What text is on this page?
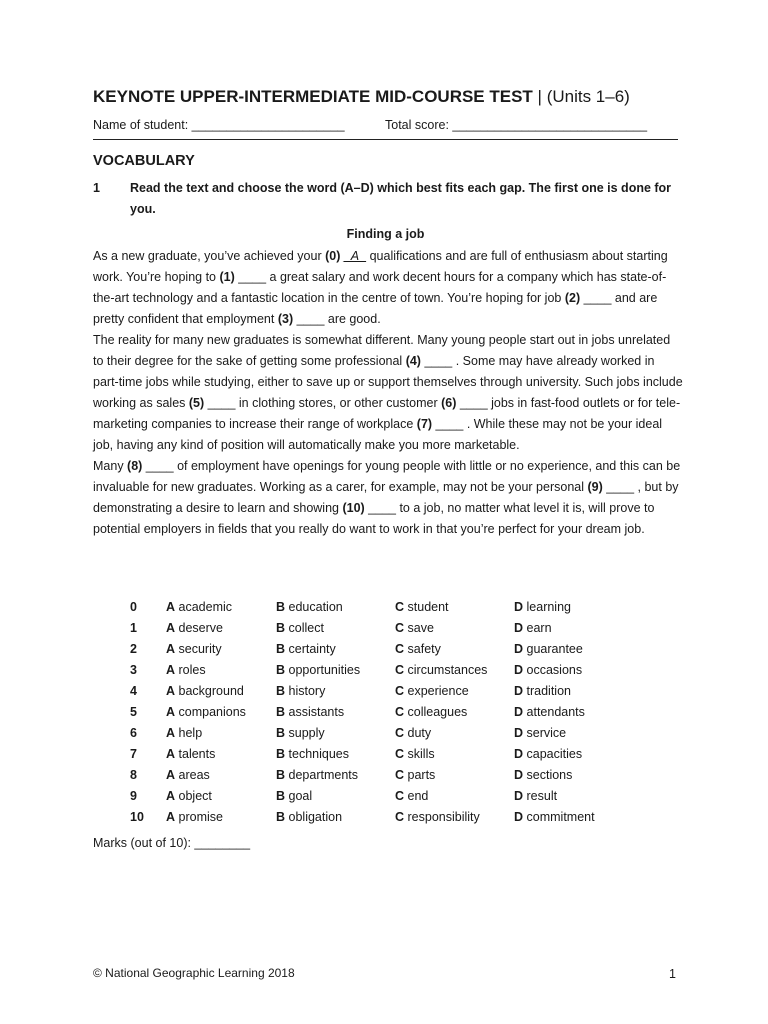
KEYNOTE UPPER-INTERMEDIATE MID-COURSE TEST | (Units 1–6)
Name of student: ______________________	Total score: ____________________________
VOCABULARY
1 Read the text and choose the word (A–D) which best fits each gap. The first one is done for you.
Finding a job

As a new graduate, you’ve achieved your (0) _A_ qualifications and are full of enthusiasm about starting work. You’re hoping to (1) ____ a great salary and work decent hours for a company which has state-of-the-art technology and a fantastic location in the centre of town. You’re hoping for job (2) ____ and are pretty confident that employment (3) ____ are good.

The reality for many new graduates is somewhat different. Many young people start out in jobs unrelated to their degree for the sake of getting some professional (4) ____ . Some may have already worked in part-time jobs while studying, either to save up or support themselves through university. Such jobs include working as sales (5) ____ in clothing stores, or other customer (6) ____ jobs in fast-food outlets or for tele-marketing companies to increase their range of workplace (7) ____ . While these may not be your ideal job, having any kind of position will automatically make you more marketable.

Many (8) ____ of employment have openings for young people with little or no experience, and this can be invaluable for new graduates. Working as a carer, for example, may not be your personal (9) ____ , but by demonstrating a desire to learn and showing (10) ____ to a job, no matter what level it is, will prove to potential employers in fields that you really do want to work in that you’re perfect for your dream job.

0	A academic	B education	C student	D learning
1	A deserve	B collect	C save	D earn
2	A security	B certainty	C safety	D guarantee
3	A roles	B opportunities	C circumstances	D occasions
4	A background	B history	C experience	D tradition
5	A companions	B assistants	C colleagues	D attendants
6	A help	B supply	C duty	D service
7	A talents	B techniques	C skills	D capacities
8	A areas	B departments	C parts	D sections
9	A object	B goal	C end	D result
10	A promise	B obligation	C responsibility	D commitment
Marks (out of 10): ________
© National Geographic Learning 2018	1
